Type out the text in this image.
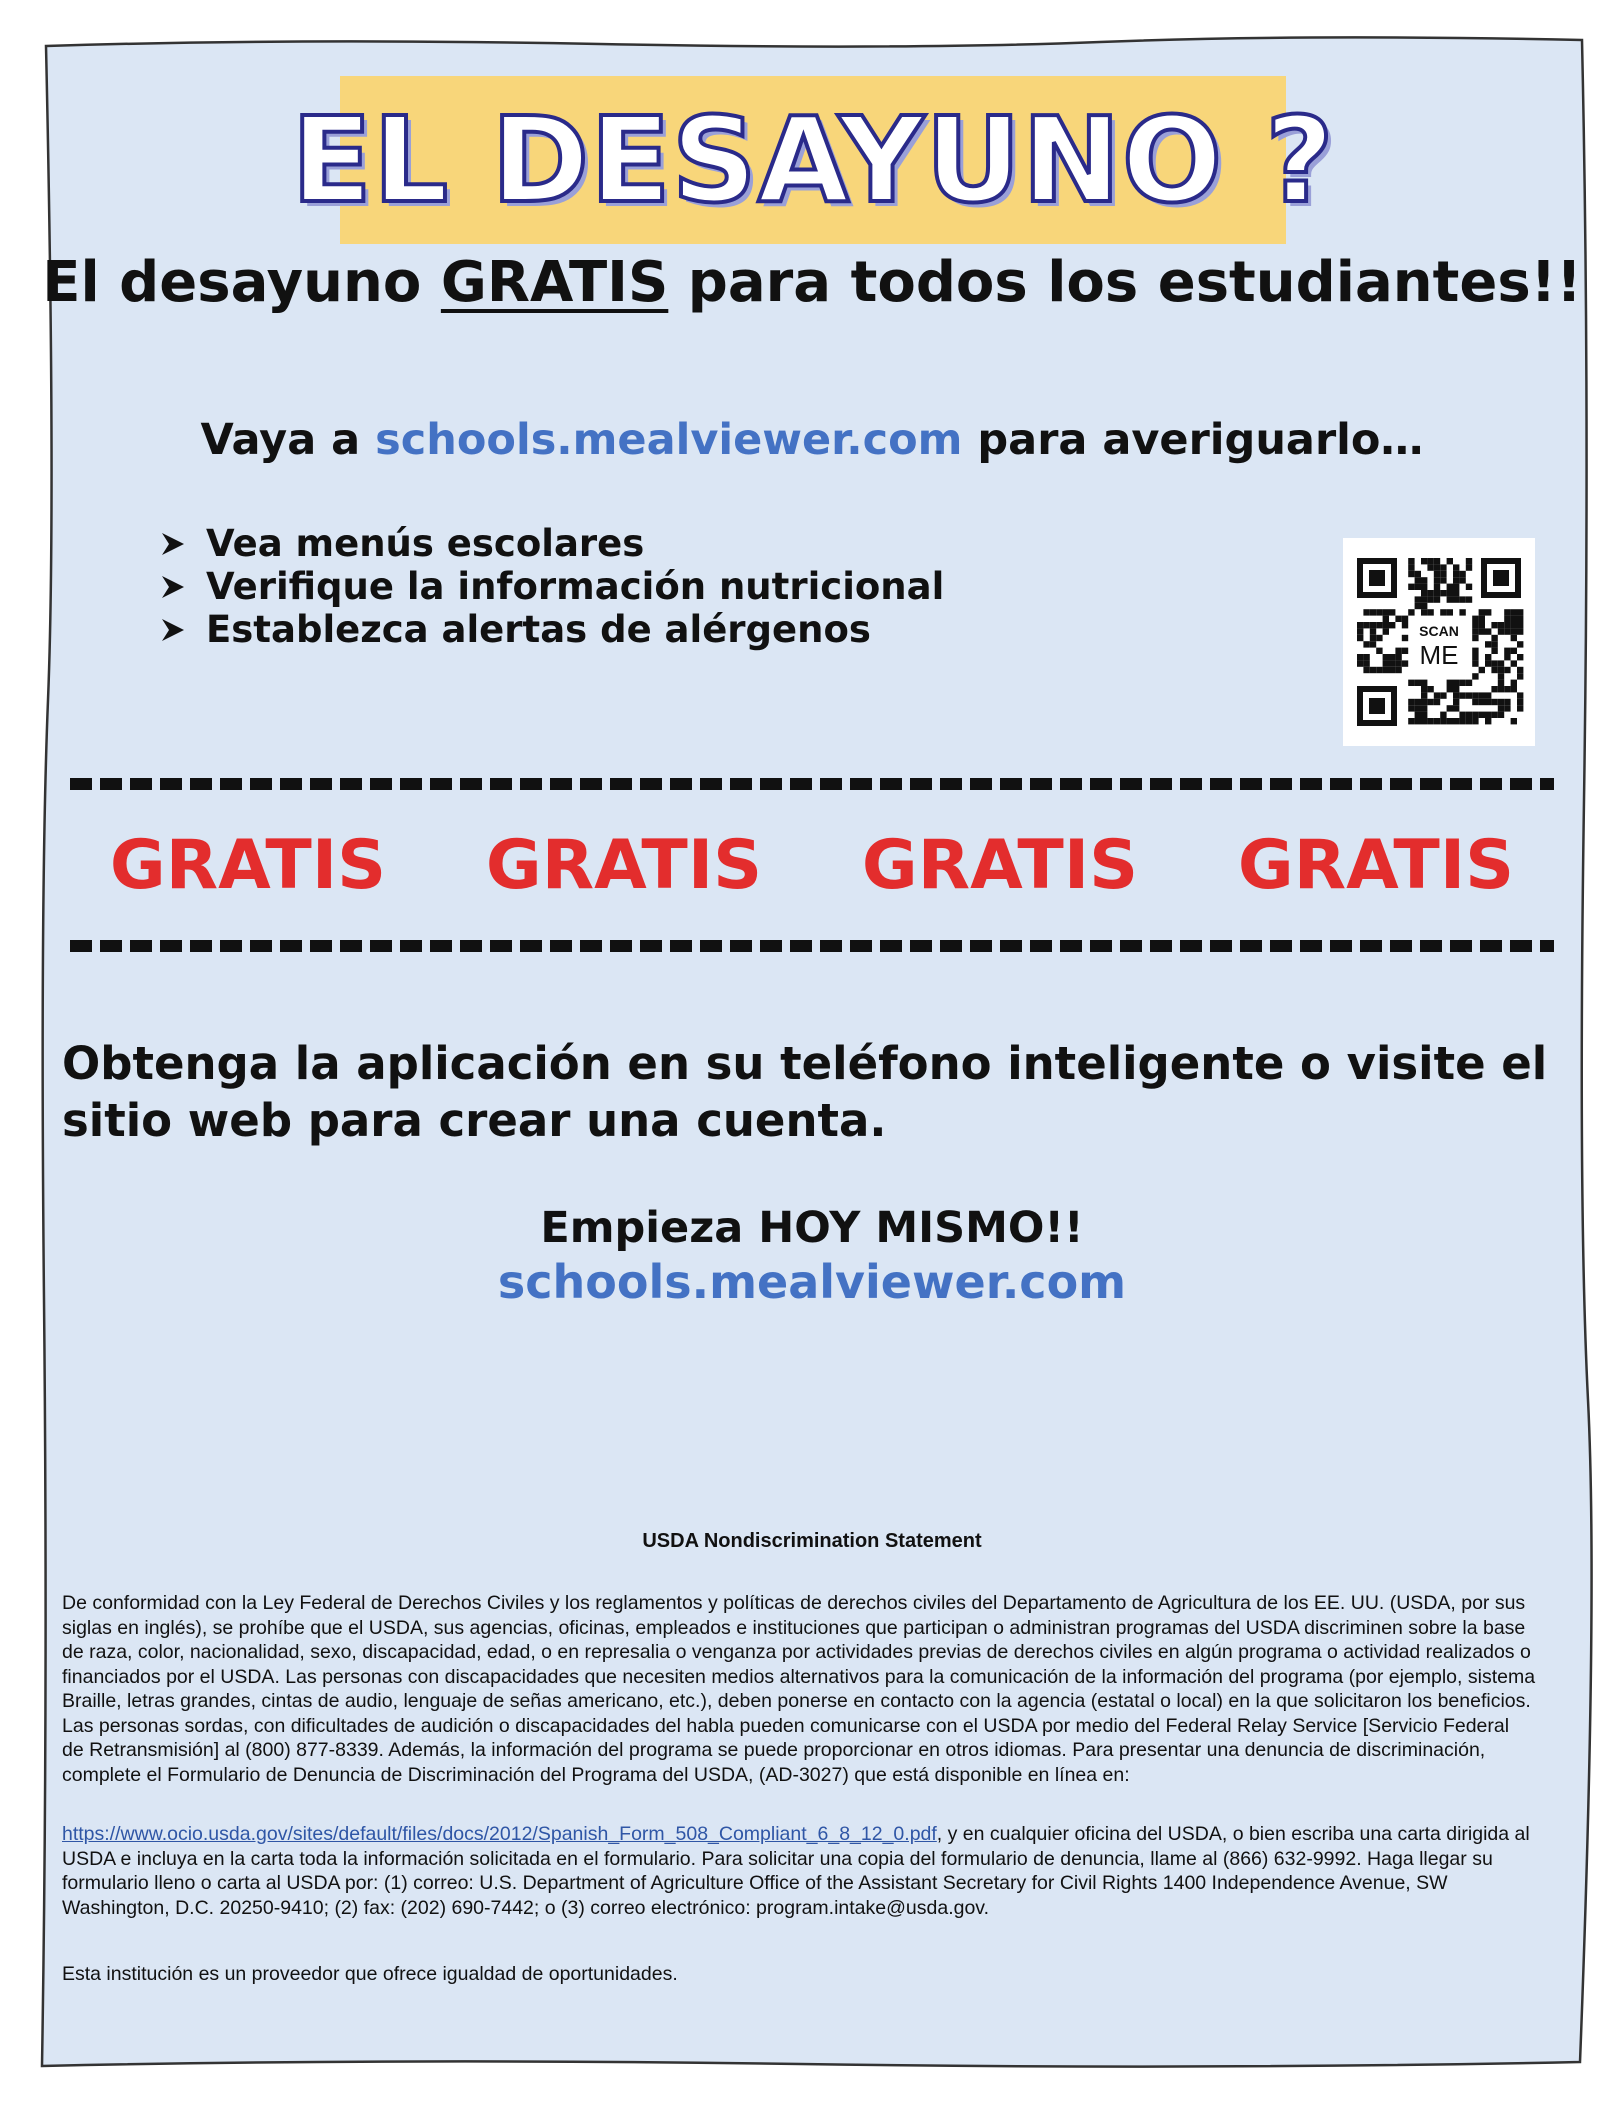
EL DESAYUNO ?
El desayuno GRATIS para todos los estudiantes!!
Vaya a schools.mealviewer.com para averiguarlo…
Vea menús escolares
Verifique la información nutricional
Establezca alertas de alérgenos	SCAN
ME
GRATIS GRATIS GRATIS GRATIS
Obtenga la aplicación en su teléfono inteligente o visite el sitio web para crear una cuenta.
Empieza HOY MISMO!!
schools.mealviewer.com
USDA Nondiscrimination Statement

De conformidad con la Ley Federal de Derechos Civiles y los reglamentos y políticas de derechos civiles del Departamento de Agricultura de los EE. UU. (USDA, por sus siglas en inglés), se prohíbe que el USDA, sus agencias, oficinas, empleados e instituciones que participan o administran programas del USDA discriminen sobre la base de raza, color, nacionalidad, sexo, discapacidad, edad, o en represalia o venganza por actividades previas de derechos civiles en algún programa o actividad realizados o financiados por el USDA. Las personas con discapacidades que necesiten medios alternativos para la comunicación de la información del programa (por ejemplo, sistema Braille, letras grandes, cintas de audio, lenguaje de señas americano, etc.), deben ponerse en contacto con la agencia (estatal o local) en la que solicitaron los beneficios. Las personas sordas, con dificultades de audición o discapacidades del habla pueden comunicarse con el USDA por medio del Federal Relay Service [Servicio Federal de Retransmisión] al (800) 877-8339. Además, la información del programa se puede proporcionar en otros idiomas. Para presentar una denuncia de discriminación, complete el Formulario de Denuncia de Discriminación del Programa del USDA, (AD-3027) que está disponible en línea en:

https://www.ocio.usda.gov/sites/default/files/docs/2012/Spanish_Form_508_Compliant_6_8_12_0.pdf, y en cualquier oficina del USDA, o bien escriba una carta dirigida al USDA e incluya en la carta toda la información solicitada en el formulario. Para solicitar una copia del formulario de denuncia, llame al (866) 632-9992. Haga llegar su formulario lleno o carta al USDA por: (1) correo: U.S. Department of Agriculture Office of the Assistant Secretary for Civil Rights 1400 Independence Avenue, SW Washington, D.C. 20250-9410; (2) fax: (202) 690-7442; o (3) correo electrónico: program.intake@usda.gov.

Esta institución es un proveedor que ofrece igualdad de oportunidades.
